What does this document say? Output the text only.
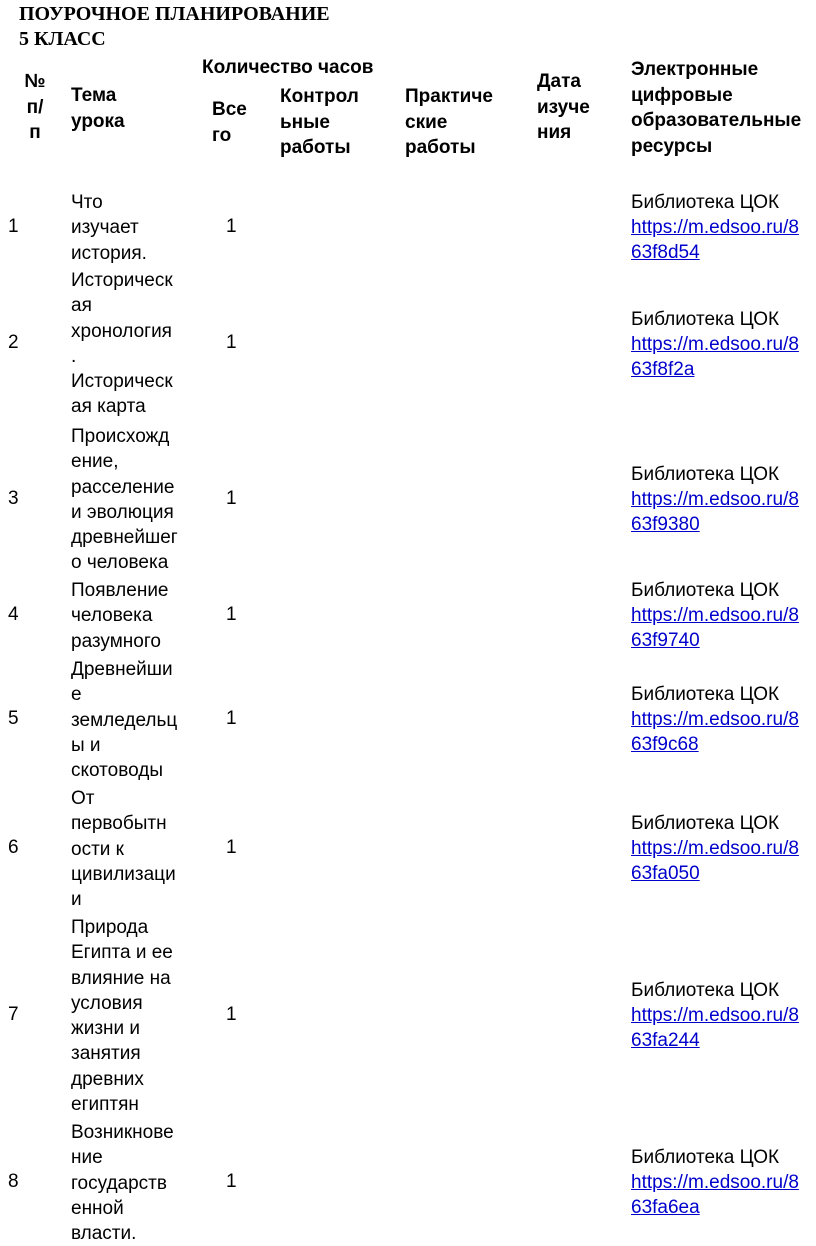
ПОУРОЧНОЕ ПЛАНИРОВАНИЕ
5 КЛАСС
№
п/
п
Тема
урока
Количество часов
Все
го
Контрол
ьные
работы
Практиче
ские
работы
Дата
изуче
ния
Электронные
цифровые
образовательные
ресурсы
1
Что
изучает
история.
1
Библиотека ЦОК
https://m.edsoo.ru/8
63f8d54
2
Историческ
ая
хронология
.
Историческ
ая карта
1
Библиотека ЦОК
https://m.edsoo.ru/8
63f8f2a
3
Происхожд
ение,
расселение
и эволюция
древнейшег
о человека
1
Библиотека ЦОК
https://m.edsoo.ru/8
63f9380
4
Появление
человека
разумного
1
Библиотека ЦОК
https://m.edsoo.ru/8
63f9740
5
Древнейши
е
земледельц
ы и
скотоводы
1
Библиотека ЦОК
https://m.edsoo.ru/8
63f9c68
6
От
первобытн
ости к
цивилизаци
и
1
Библиотека ЦОК
https://m.edsoo.ru/8
63fa050
7
Природа
Египта и ее
влияние на
условия
жизни и
занятия
древних
египтян
1
Библиотека ЦОК
https://m.edsoo.ru/8
63fa244
8
Возникнове
ние
государств
енной
власти.
1
Библиотека ЦОК
https://m.edsoo.ru/8
63fa6ea
